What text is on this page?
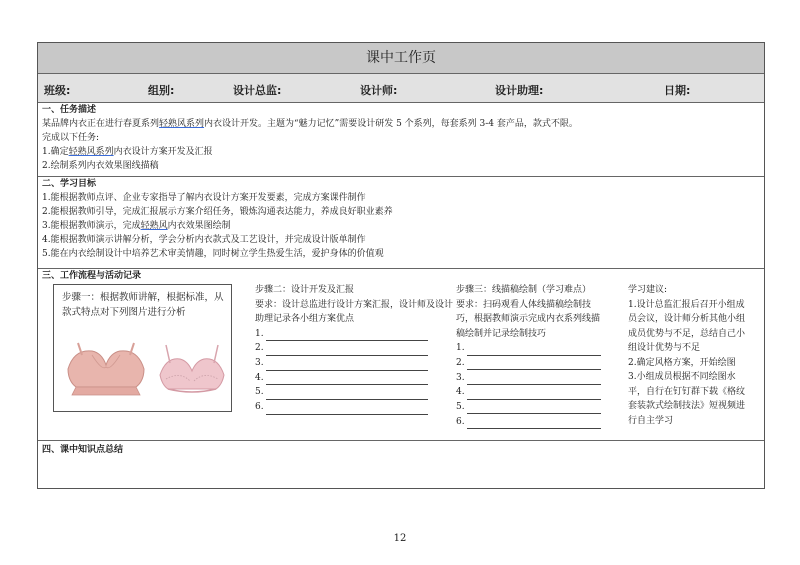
课中工作页
班级:	组别:	设计总监:	设计师:	设计助理:	日期:
一、任务描述
某品牌内衣正在进行春夏系列轻熟风系列内衣设计开发。主题为“魅力记忆”需要设计研发 5 个系列，每套系列 3-4 套产品，款式不限。
完成以下任务:
1.确定轻熟风系列内衣设计方案开发及汇报
2.绘制系列内衣效果图线描稿
二、学习目标
1.能根据教师点评、企业专家指导了解内衣设计方案开发要素，完成方案课件制作
2.能根据教师引导，完成汇报展示方案介绍任务，锻炼沟通表达能力，养成良好职业素养
3.能根据教师演示，完成轻熟风内衣效果图绘制
4.能根据教师演示讲解分析，学会分析内衣款式及工艺设计，并完成设计版单制作
5.能在内衣绘制设计中培养艺术审美情趣，同时树立学生热爱生活，爱护身体的价值观
三、工作流程与活动记录
步骤一：根据教师讲解，根据标准，从款式特点对下列图片进行分析
步骤二：设计开发及汇报
要求：设计总监进行设计方案汇报，设计师及设计助理记录各小组方案优点
1.
2.
3.
4.
5.
6.
步骤三：线描稿绘制（学习难点）
要求：扫码观看人体线描稿绘制技巧，根据教师演示完成内衣系列线描稿绘制并记录绘制技巧
1.
2.
3.
4.
5.
6.
学习建议:
1.设计总监汇报后召开小组成员会议，设计师分析其他小组成员优势与不足，总结自己小组设计优势与不足
2.确定风格方案，开始绘图
3.小组成员根据不同绘图水平，自行在钉钉群下载《格纹套装款式绘制技法》短视频进行自主学习
四、课中知识点总结
12
